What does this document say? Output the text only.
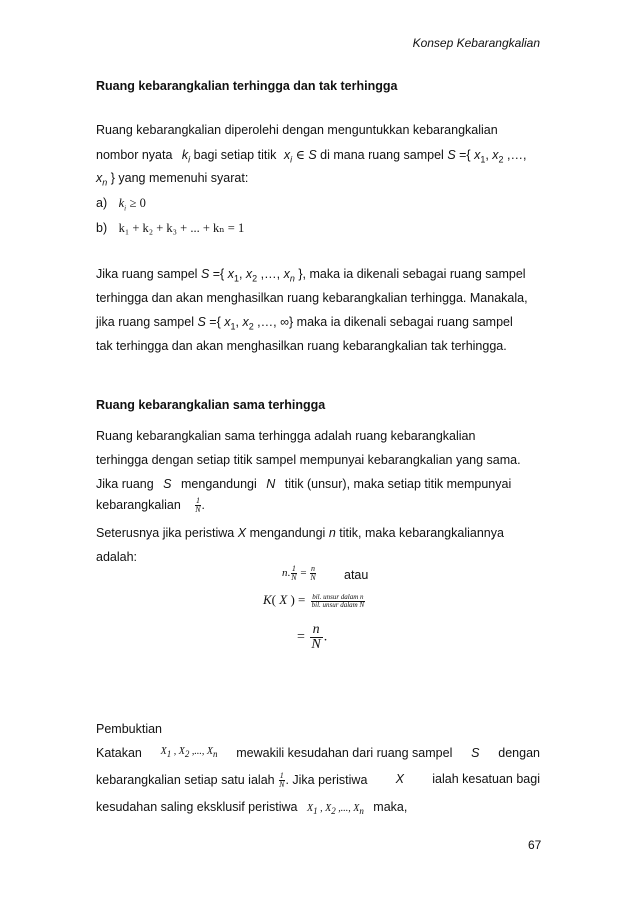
Konsep Kebarangkalian
Ruang kebarangkalian terhingga dan tak terhingga
Ruang kebarangkalian diperolehi dengan menguntukkan kebarangkalian
nombor nyata $k_i$ bagi setiap titik $x_i$ ∈ S di mana ruang sampel S ={ $x_1$, $x_2$ ,…,
$x_n$ } yang memenuhi syarat:
a) $k_i \ge 0$
b) k₁ + k₂ + k₃ + ... + kₙ = 1
Jika ruang sampel S ={ $x_1$, $x_2$ ,…, $x_n$ }, maka ia dikenali sebagai ruang sampel
terhingga dan akan menghasilkan ruang kebarangkalian terhingga. Manakala,
jika ruang sampel S ={ $x_1$, $x_2$ ,…, ∞} maka ia dikenali sebagai ruang sampel
tak terhingga dan akan menghasilkan ruang kebarangkalian tak terhingga.
Ruang kebarangkalian sama terhingga
Ruang kebarangkalian sama terhingga adalah ruang kebarangkalian
terhingga dengan setiap titik sampel mempunyai kebarangkalian yang sama.
Jika ruang S mengandungi N titik (unsur), maka setiap titik mempunyai
kebarangkalian $\frac{1}{N}$ .
Seterusnya jika peristiwa X mengandungi n titik, maka kebarangkaliannya
adalah:
n. $\frac{1}{N} = \frac{n}{N}$ atau
K( X ) = $\frac{\text{bil. unsur dalam n}}{\text{bil. unsur dalam N}}$
= $\frac{n}{N}$ .
Pembuktian
Katakan $X_1$ , $X_2$ ,..., $X_n$ mewakili kesudahan dari ruang sampel S dengan
kebarangkalian setiap satu ialah $\frac{1}{N}$ . Jika peristiwa X ialah kesatuan bagi
kesudahan saling eksklusif peristiwa $X_1$ , $X_2$ ,..., $X_n$ maka,
67
